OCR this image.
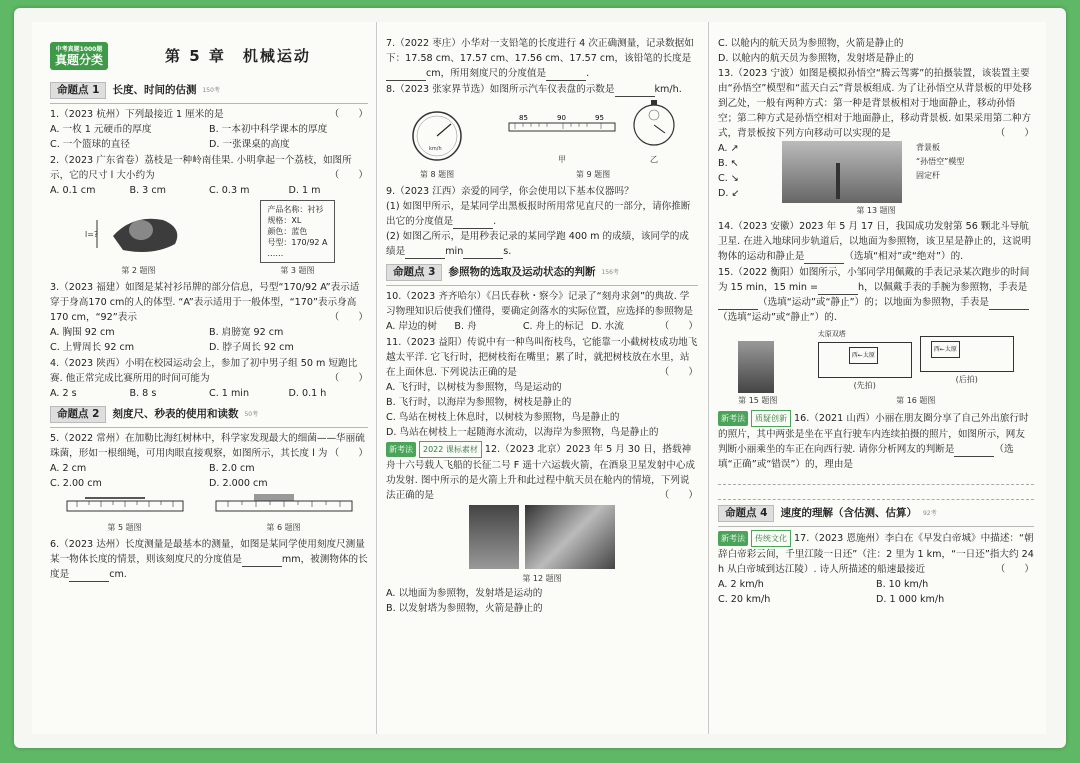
中考真题1000题
真题分类	第 5 章　机械运动
命题点 1	长度、时间的估测 150考

1.（2023 杭州）下列最接近 1 厘米的是	（　　）

A. 一枚 1 元硬币的厚度	B. 一本初中科学课本的厚度
C. 一个篮球的直径	D. 一张课桌的高度

2.（2023 广东省卷）荔枝是一种岭南佳果. 小明拿起一个荔枝，如图所示，它的尺寸 l 大小约为	（　　）

A. 0.1 cm	B. 3 cm	C. 0.3 m	D. 1 m
l=?
第 2 题图
产品名称：衬衫
规格：XL
颜色：蓝色
号型：170/92 A
……
第 3 题图

3.（2023 福建）如图是某衬衫吊牌的部分信息，号型“170/92 A”表示适穿于身高170 cm的人的体型. “A”表示适用于一般体型，“170”表示身高 170 cm，“92”表示	（　　）

A. 胸围 92 cm	B. 肩膀宽 92 cm
C. 上臂周长 92 cm	D. 脖子周长 92 cm

4.（2023 陕西）小明在校园运动会上，参加了初中男子组 50 m 短跑比赛. 他正常完成比赛所用的时间可能为	（　　）

A. 2 s	B. 8 s	C. 1 min	D. 0.1 h
命题点 2	刻度尺、秒表的使用和读数 50考

5.（2022 常州）在加勒比海红树林中，科学家发现最大的细菌——华丽硫珠菌，形如一根细绳，可用肉眼直接观察，如图所示，其长度 l 为 （　　）

A. 2 cm	B. 2.0 cm
C. 2.00 cm	D. 2.000 cm
第 5 题图	第 6 题图

6.（2023 达州）长度测量是最基本的测量，如图是某同学使用刻度尺测量某一物体长度的情景，则该刻度尺的分度值是	mm，被测物体的长度是	cm.

7.（2022 枣庄）小华对一支铅笔的长度进行 4 次正确测量，记录数据如下：17.58 cm、17.57 cm、17.56 cm、17.57 cm，该铅笔的长度是cm，所用刻度尺的分度值是	.

8.（2023 张家界节选）如图所示汽车仪表盘的示数是	km/h.

km/h
第 8 题图
85	90	95
甲	乙
第 9 题图

9.（2023 江西）亲爱的同学，你会使用以下基本仪器吗？

(1) 如图甲所示，是某同学出黑板报时所用常见直尺的一部分，请你推断出它的分度值是	.

(2) 如图乙所示，是用秒表记录的某同学跑 400 m 的成绩，该同学的成绩是	min	s.

命题点 3	参照物的选取及运动状态的判断 156考

10.（2023 齐齐哈尔）《吕氏春秋・察今》记录了“刻舟求剑”的典故. 学习物理知识后使我们懂得，要确定剑落水的实际位置，应选择的参照物是
（　　）

A. 岸边的树	B. 舟	C. 舟上的标记 D. 水流

11.（2023 益阳）传说中有一种鸟叫衔枝鸟，它能靠一小截树枝成功地飞越太平洋. 它飞行时，把树枝衔在嘴里；累了时，就把树枝放在水里，站在上面休息. 下列说法正确的是	（　　）

A. 飞行时，以树枝为参照物，鸟是运动的
B. 飞行时，以海岸为参照物，树枝是静止的
C. 鸟站在树枝上休息时，以树枝为参照物，鸟是静止的
D. 鸟站在树枝上一起随海水流动，以海岸为参照物，鸟是静止的

新考法 2022 课标素材 12.（2023 北京）2023 年 5 月 30 日，搭载神舟十六号载人飞船的长征二号 F 遥十六运载火箭，在酒泉卫星发射中心成功发射. 图中所示的是火箭上升和此过程中航天员在舱内的情境，下列说法正确的是	（　　）

第 12 题图
A. 以地面为参照物，发射塔是运动的
B. 以发射塔为参照物，火箭是静止的
C. 以舱内的航天员为参照物，火箭是静止的
D. 以舱内的航天员为参照物，发射塔是静止的

13.（2023 宁波）如图是模拟孙悟空“腾云驾雾”的拍摄装置，该装置主要由“孙悟空”模型和“蓝天白云”背景板组成. 为了让孙悟空从背景板的甲处移到乙处，一般有两种方式：第一种是背景板相对于地面静止，移动孙悟空；第二种方式是孙悟空相对于地面静止，移动背景板. 如果采用第二种方式，背景板按下列方向移动可以实现的是	（　　）

A. ↗
B. ↖
C. ↘
D. ↙
背景板
“孙悟空”模型
固定杆
第 13 题图

14.（2023 安徽）2023 年 5 月 17 日，我国成功发射第 56 颗北斗导航卫星. 在进入地球同步轨道后，以地面为参照物，该卫星是静止的，这说明物体的运动和静止是	（选填“相对”或“绝对”）的.

15.（2022 衡阳）如图所示，小邹同学用佩戴的手表记录某次跑步的时间为 15 min，15 min =	h，以佩戴手表的手腕为参照物，手表是（选填“运动”或“静止”）的；以地面为参照物，手表是（选填“运动”或“静止”）的.

第 15 题图
太原双塔
西←太原
(先拍)
西←太原
(后拍)
第 16 题图

新考法 质疑创新 16.（2021 山西）小丽在朋友圈分享了自己外出旅行时的照片，其中两张是坐在平直行驶车内连续拍摄的照片，如图所示，网友判断小丽乘坐的车正在向西行驶. 请你分析网友的判断是	（选填“正确”或“错误”）的，理由是

命题点 4	速度的理解（含估测、估算） 92考

新考法 传统文化 17.（2023 恩施州）李白在《早发白帝城》中描述：“朝辞白帝彩云间，千里江陵一日还”（注：2 里为 1 km，“一日还”指大约 24 h 从白帝城到达江陵）. 诗人所描述的船速最接近	（　　）

A. 2 km/h	B. 10 km/h
C. 20 km/h	D. 1 000 km/h
